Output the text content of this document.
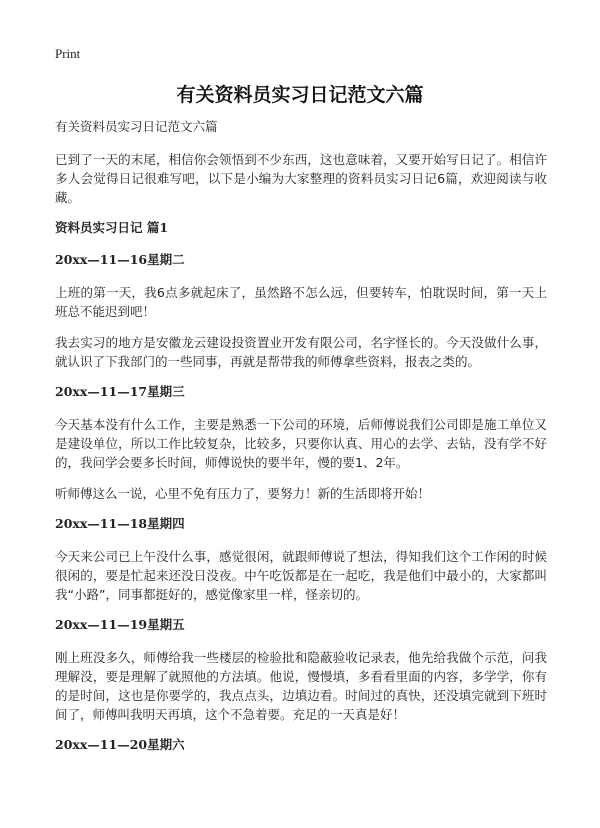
Print
有关资料员实习日记范文六篇
有关资料员实习日记范文六篇

已到了一天的末尾，相信你会领悟到不少东西，这也意味着，又要开始写日记了。相信许多人会觉得日记很难写吧，以下是小编为大家整理的资料员实习日记6篇，欢迎阅读与收藏。

资料员实习日记 篇1
20xx—11—16星期二

上班的第一天，我6点多就起床了，虽然路不怎么远，但要转车，怕耽误时间，第一天上班总不能迟到吧！

我去实习的地方是安徽龙云建设投资置业开发有限公司，名字怪长的。今天没做什么事，就认识了下我部门的一些同事，再就是帮带我的师傅拿些资料，报表之类的。

20xx—11—17星期三

今天基本没有什么工作，主要是熟悉一下公司的环境，后师傅说我们公司即是施工单位又是建设单位，所以工作比较复杂，比较多，只要你认真、用心的去学、去钻，没有学不好的，我问学会要多长时间，师傅说快的要半年，慢的要1、2年。

听师傅这么一说，心里不免有压力了，要努力！新的生活即将开始！

20xx—11—18星期四

今天来公司已上午没什么事，感觉很闲，就跟师傅说了想法，得知我们这个工作闲的时候很闲的，要是忙起来还没日没夜。中午吃饭都是在一起吃，我是他们中最小的，大家都叫我“小路”，同事都挺好的，感觉像家里一样，怪亲切的。

20xx—11—19星期五

刚上班没多久，师傅给我一些楼层的检验批和隐蔽验收记录表，他先给我做个示范，问我理解没，要是理解了就照他的方法填。他说，慢慢填，多看看里面的内容，多学学，你有的是时间，这也是你要学的，我点点头，边填边看。时间过的真快，还没填完就到下班时间了，师傅叫我明天再填，这个不急着要。充足的一天真是好！

20xx—11—20星期六
